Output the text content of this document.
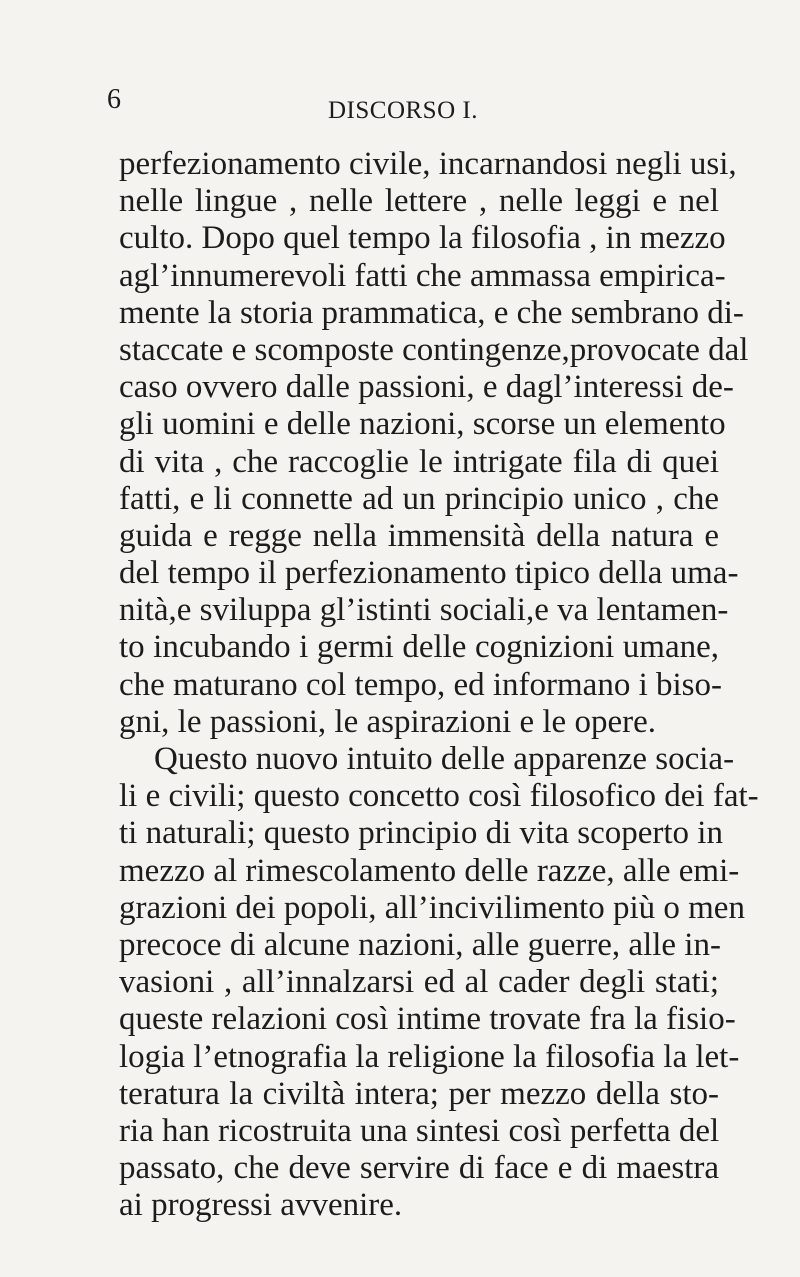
6	DISCORSO I.
perfezionamento civile, incarnandosi negli usi,
nelle lingue , nelle lettere , nelle leggi e nel
culto. Dopo quel tempo la filosofia , in mezzo
agl’innumerevoli fatti che ammassa empirica-
mente la storia prammatica, e che sembrano di-
staccate e scomposte contingenze,provocate dal
caso ovvero dalle passioni, e dagl’interessi de-
gli uomini e delle nazioni, scorse un elemento
di vita , che raccoglie le intrigate fila di quei
fatti, e li connette ad un principio unico , che
guida e regge nella immensità della natura e
del tempo il perfezionamento tipico della uma-
nità,e sviluppa gl’istinti sociali,e va lentamen-
to incubando i germi delle cognizioni umane,
che maturano col tempo, ed informano i biso-
gni, le passioni, le aspirazioni e le opere.
Questo nuovo intuito delle apparenze socia-
li e civili; questo concetto così filosofico dei fat-
ti naturali; questo principio di vita scoperto in
mezzo al rimescolamento delle razze, alle emi-
grazioni dei popoli, all’incivilimento più o men
precoce di alcune nazioni, alle guerre, alle in-
vasioni , all’innalzarsi ed al cader degli stati;
queste relazioni così intime trovate fra la fisio-
logia l’etnografia la religione la filosofia la let-
teratura la civiltà intera; per mezzo della sto-
ria han ricostruita una sintesi così perfetta del
passato, che deve servire di face e di maestra
ai progressi avvenire.
